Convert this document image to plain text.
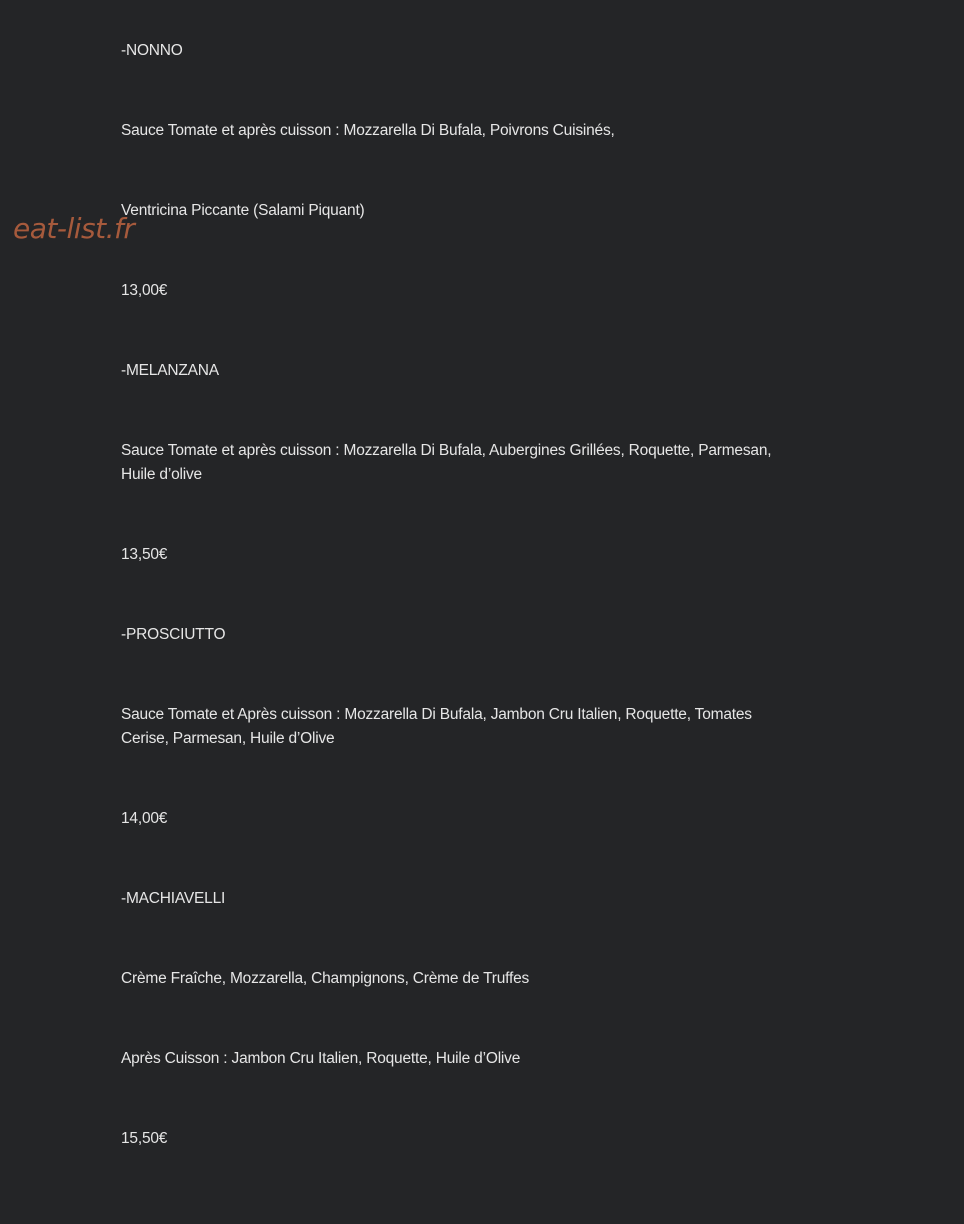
-NONNO
Sauce Tomate et après cuisson : Mozzarella Di Bufala, Poivrons Cuisinés,
Ventricina Piccante (Salami Piquant)
13,00€
-MELANZANA
Sauce Tomate et après cuisson : Mozzarella Di Bufala, Aubergines Grillées, Roquette, Parmesan,
Huile d’olive
13,50€
-PROSCIUTTO
Sauce Tomate et Après cuisson : Mozzarella Di Bufala, Jambon Cru Italien, Roquette, Tomates
Cerise, Parmesan, Huile d’Olive
14,00€
-MACHIAVELLI
Crème Fraîche, Mozzarella, Champignons, Crème de Truffes
Après Cuisson : Jambon Cru Italien, Roquette, Huile d’Olive
15,50€
eat-list.fr
